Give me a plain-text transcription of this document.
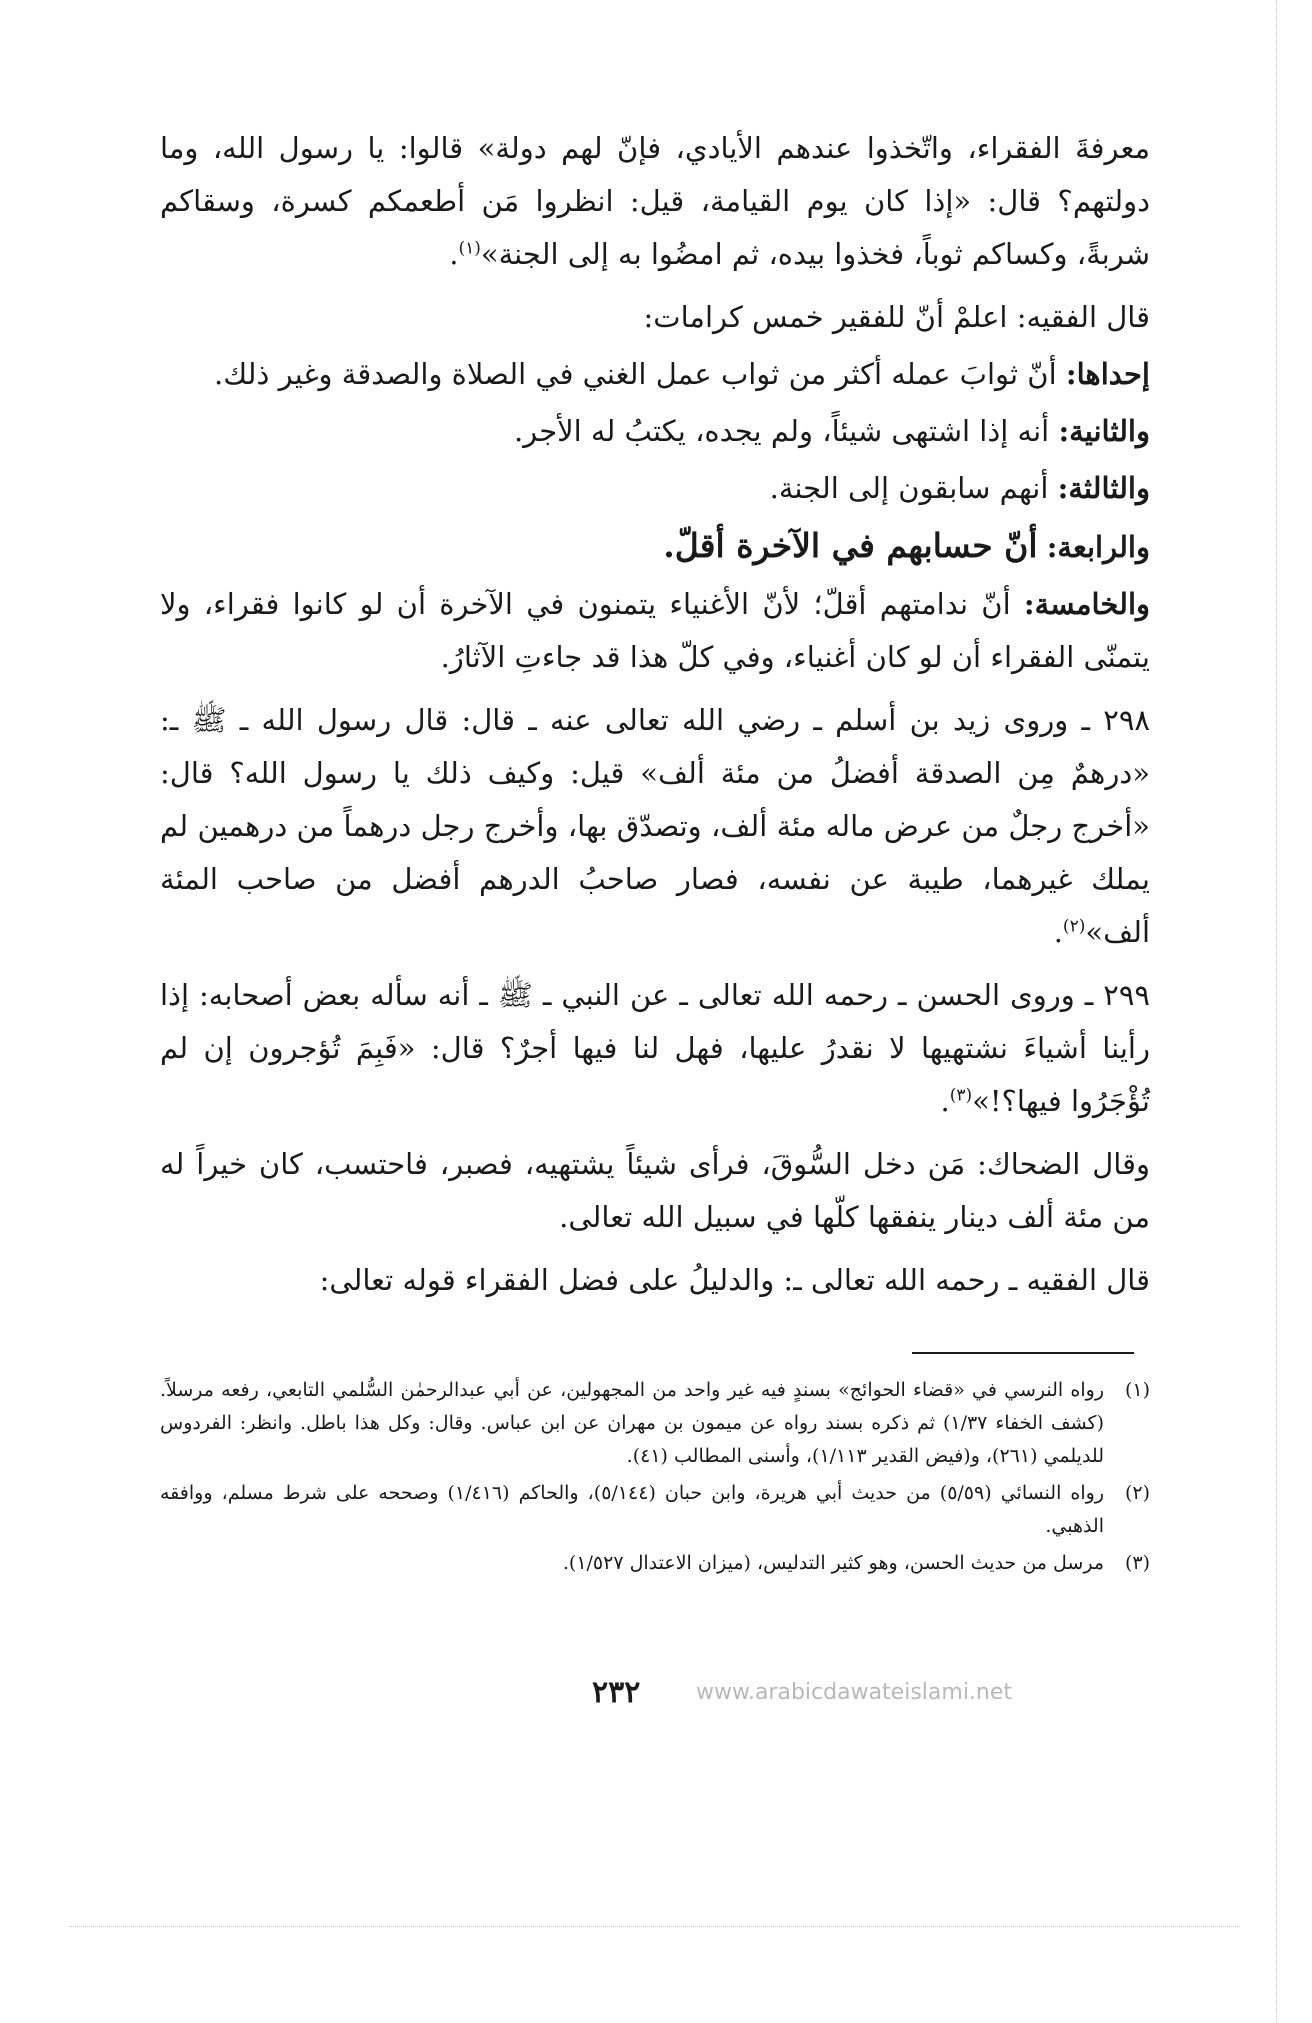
معرفةَ الفقراء، واتّخذوا عندهم الأيادي، فإنّ لهم دولة» قالوا: يا رسول الله، وما دولتهم؟ قال: «إذا كان يوم القيامة، قيل: انظروا مَن أطعمكم كسرة، وسقاكم شربةً، وكساكم ثوباً، فخذوا بيده، ثم امضُوا به إلى الجنة»$^{(١)}$.

قال الفقيه: اعلمْ أنّ للفقير خمس كرامات:

إحداها: أنّ ثوابَ عمله أكثر من ثواب عمل الغني في الصلاة والصدقة وغير ذلك.

والثانية: أنه إذا اشتهى شيئاً، ولم يجده، يكتبُ له الأجر.

والثالثة: أنهم سابقون إلى الجنة.

والرابعة: أنّ حسابهم في الآخرة أقلّ.

والخامسة: أنّ ندامتهم أقلّ؛ لأنّ الأغنياء يتمنون في الآخرة أن لو كانوا فقراء، ولا يتمنّى الفقراء أن لو كان أغنياء، وفي كلّ هذا قد جاءتِ الآثارُ.

٢٩٨ ـ وروى زيد بن أسلم ـ رضي الله تعالى عنه ـ قال: قال رسول الله ـ ﷺ ـ: «درهمٌ مِن الصدقة أفضلُ من مئة ألف» قيل: وكيف ذلك يا رسول الله؟ قال: «أخرج رجلٌ من عرض ماله مئة ألف، وتصدّق بها، وأخرج رجل درهماً من درهمين لم يملك غيرهما، طيبة عن نفسه، فصار صاحبُ الدرهم أفضل من صاحب المئة ألف»$^{(٢)}$.

٢٩٩ ـ وروى الحسن ـ رحمه الله تعالى ـ عن النبي ـ ﷺ ـ أنه سأله بعض أصحابه: إذا رأينا أشياءَ نشتهيها لا نقدرُ عليها، فهل لنا فيها أجرٌ؟ قال: «فَبِمَ تُؤجرون إن لم تُؤْجَرُوا فيها؟!»$^{(٣)}$.

وقال الضحاك: مَن دخل السُّوقَ، فرأى شيئاً يشتهيه، فصبر، فاحتسب، كان خيراً له من مئة ألف دينار ينفقها كلّها في سبيل الله تعالى.

قال الفقيه ـ رحمه الله تعالى ـ: والدليلُ على فضل الفقراء قوله تعالى:

(١)
رواه النرسي في «قضاء الحوائج» بسندٍ فيه غير واحد من المجهولين، عن أبي عبدالرحمٰن السُّلمي التابعي، رفعه مرسلاً. (كشف الخفاء ١/٣٧) ثم ذكره بسند رواه عن ميمون بن مهران عن ابن عباس. وقال: وكل هذا باطل. وانظر: الفردوس للديلمي (٢٦١)، و(فيض القدير ١/١١٣)، وأسنى المطالب (٤١).
(٢)
رواه النسائي (٥/٥٩) من حديث أبي هريرة، وابن حبان (٥/١٤٤)، والحاكم (١/٤١٦) وصححه على شرط مسلم، ووافقه الذهبي.
(٣)
مرسل من حديث الحسن، وهو كثير التدليس، (ميزان الاعتدال ١/٥٢٧).
٢٣٢	www.arabicdawateislami.net
